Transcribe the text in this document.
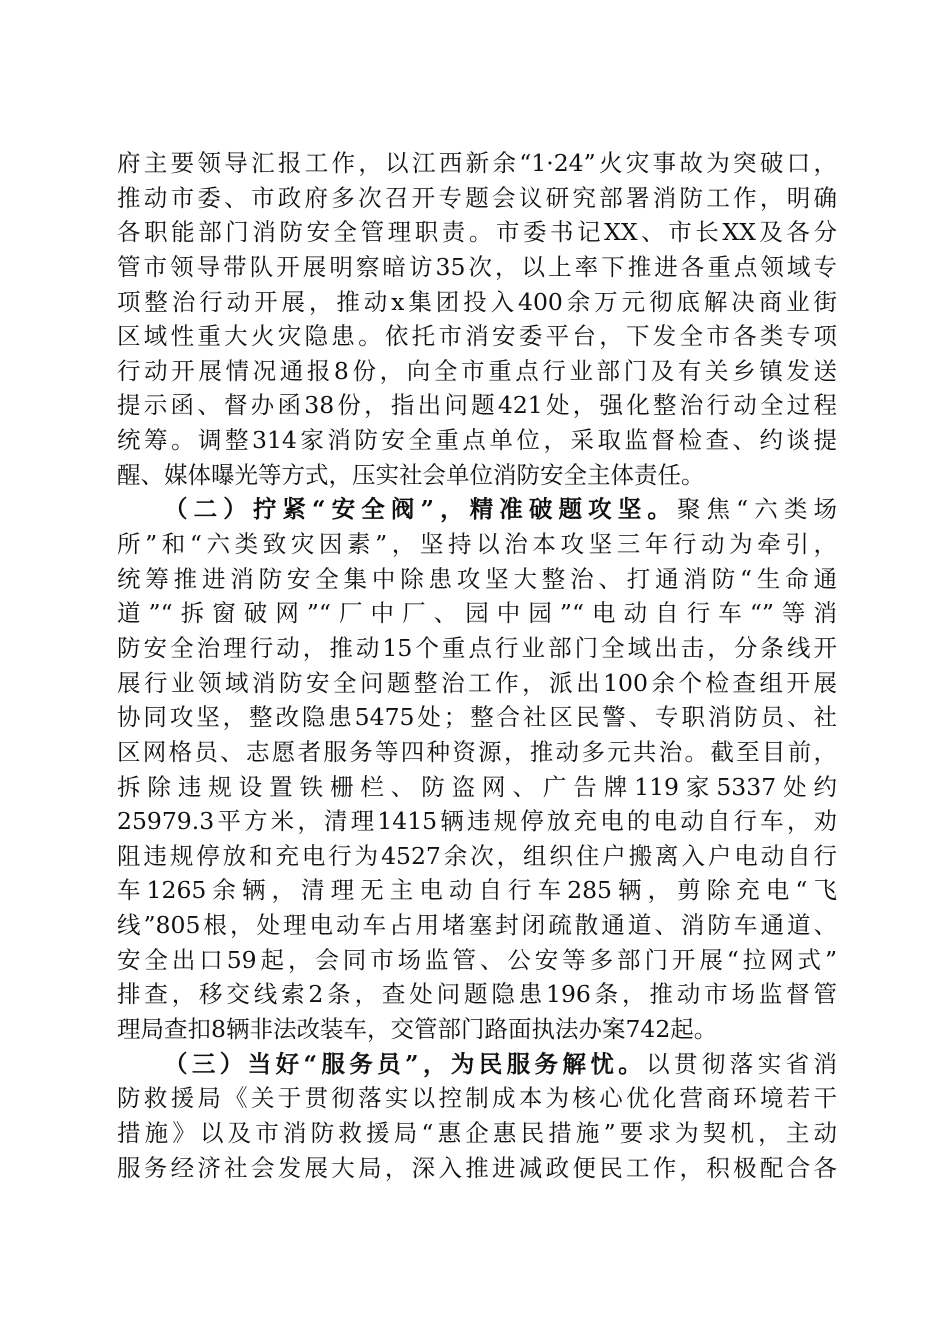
府主要领导汇报工作，以江西新余“1·24”火灾事故为突破口，
推动市委、市政府多次召开专题会议研究部署消防工作，明确
各职能部门消防安全管理职责。市委书记XX、市长XX及各分
管市领导带队开展明察暗访35次，以上率下推进各重点领域专
项整治行动开展，推动x集团投入400余万元彻底解决商业街
区域性重大火灾隐患。依托市消安委平台，下发全市各类专项
行动开展情况通报8份，向全市重点行业部门及有关乡镇发送
提示函、督办函38份，指出问题421处，强化整治行动全过程
统筹。调整314家消防安全重点单位，采取监督检查、约谈提
醒、媒体曝光等方式，压实社会单位消防安全主体责任。
（二）拧紧“安全阀”，精准破题攻坚。聚焦“六类场
所”和“六类致灾因素”，坚持以治本攻坚三年行动为牵引，
统筹推进消防安全集中除患攻坚大整治、打通消防“生命通
道”“拆窗破网”“厂中厂、园中园”“电动自行车“”等消
防安全治理行动，推动15个重点行业部门全域出击，分条线开
展行业领域消防安全问题整治工作，派出100余个检查组开展
协同攻坚，整改隐患5475处；整合社区民警、专职消防员、社
区网格员、志愿者服务等四种资源，推动多元共治。截至目前，
拆除违规设置铁栅栏、防盗网、广告牌119家5337处约
25979.3平方米，清理1415辆违规停放充电的电动自行车，劝
阻违规停放和充电行为4527余次，组织住户搬离入户电动自行
车1265余辆，清理无主电动自行车285辆，剪除充电“飞
线”805根，处理电动车占用堵塞封闭疏散通道、消防车通道、
安全出口59起，会同市场监管、公安等多部门开展“拉网式”
排查，移交线索2条，查处问题隐患196条，推动市场监督管
理局查扣8辆非法改装车，交管部门路面执法办案742起。
（三）当好“服务员”，为民服务解忧。以贯彻落实省消
防救援局《关于贯彻落实以控制成本为核心优化营商环境若干
措施》以及市消防救援局“惠企惠民措施”要求为契机，主动
服务经济社会发展大局，深入推进减政便民工作，积极配合各
